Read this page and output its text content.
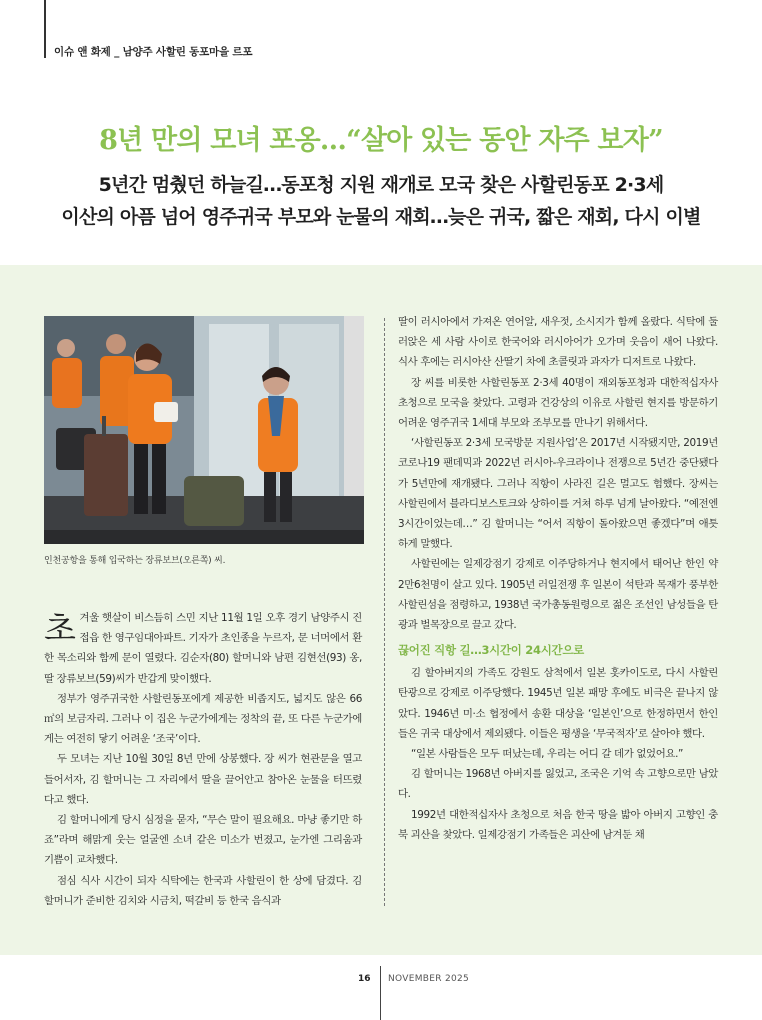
이슈 앤 화제 _ 남양주 사할린 동포마을 르포
8년 만의 모녀 포옹…“살아 있는 동안 자주 보자”
5년간 멈췄던 하늘길…동포청 지원 재개로 모국 찾은 사할린동포 2·3세
이산의 아픔 넘어 영주귀국 부모와 눈물의 재회…늦은 귀국, 짧은 재회, 다시 이별
인천공항을 통해 입국하는 장류보브(오른쪽) 씨.

초겨울 햇살이 비스듬히 스민 지난 11월 1일 오후 경기 남양주시 진접읍 한 영구임대아파트. 기자가 초인종을 누르자, 문 너머에서 환한 목소리와 함께 문이 열렸다. 김순자(80) 할머니와 남편 김현선(93) 옹, 딸 장류보브(59)씨가 반갑게 맞이했다.

정부가 영주귀국한 사할린동포에게 제공한 비좁지도, 넓지도 않은 66㎡의 보금자리. 그러나 이 집은 누군가에게는 정착의 끝, 또 다른 누군가에게는 여전히 닿기 어려운 ‘조국’이다.

두 모녀는 지난 10월 30일 8년 만에 상봉했다. 장 씨가 현관문을 열고 들어서자, 김 할머니는 그 자리에서 딸을 끌어안고 참아온 눈물을 터뜨렸다고 했다.

김 할머니에게 당시 심정을 묻자, “무슨 말이 필요해요. 마냥 좋기만 하죠”라며 해맑게 웃는 얼굴엔 소녀 같은 미소가 번졌고, 눈가엔 그리움과 기쁨이 교차했다.

점심 식사 시간이 되자 식탁에는 한국과 사할린이 한 상에 담겼다. 김 할머니가 준비한 김치와 시금치, 떡갈비 등 한국 음식과

딸이 러시아에서 가져온 연어알, 새우젓, 소시지가 함께 올랐다. 식탁에 둘러앉은 세 사람 사이로 한국어와 러시아어가 오가며 웃음이 새어 나왔다. 식사 후에는 러시아산 산딸기 차에 초콜릿과 과자가 디저트로 나왔다.

장 씨를 비롯한 사할린동포 2·3세 40명이 재외동포청과 대한적십자사 초청으로 모국을 찾았다. 고령과 건강상의 이유로 사할린 현지를 방문하기 어려운 영주귀국 1세대 부모와 조부모를 만나기 위해서다.

‘사할린동포 2·3세 모국방문 지원사업’은 2017년 시작됐지만, 2019년 코로나19 팬데믹과 2022년 러시아-우크라이나 전쟁으로 5년간 중단됐다가 5년만에 재개됐다. 그러나 직항이 사라진 길은 멀고도 험했다. 장씨는 사할린에서 블라디보스토크와 상하이를 거쳐 하루 넘게 날아왔다. “예전엔 3시간이었는데…” 김 할머니는 “어서 직항이 돌아왔으면 좋겠다”며 애틋하게 말했다.

사할린에는 일제강점기 강제로 이주당하거나 현지에서 태어난 한인 약 2만6천명이 살고 있다. 1905년 러일전쟁 후 일본이 석탄과 목재가 풍부한 사할린섬을 점령하고, 1938년 국가총동원령으로 젊은 조선인 남성들을 탄광과 벌목장으로 끌고 갔다.

끊어진 직항 길…3시간이 24시간으로

김 할아버지의 가족도 강원도 삼척에서 일본 홋카이도로, 다시 사할린 탄광으로 강제로 이주당했다. 1945년 일본 패망 후에도 비극은 끝나지 않았다. 1946년 미·소 협정에서 송환 대상을 ‘일본인’으로 한정하면서 한인들은 귀국 대상에서 제외됐다. 이들은 평생을 ‘무국적자’로 살아야 했다.

“일본 사람들은 모두 떠났는데, 우리는 어디 갈 데가 없었어요.”

김 할머니는 1968년 아버지를 잃었고, 조국은 기억 속 고향으로만 남았다.

1992년 대한적십자사 초청으로 처음 한국 땅을 밟아 아버지 고향인 충북 괴산을 찾았다. 일제강점기 가족들은 괴산에 남겨둔 채

16 NOVEMBER 2025
